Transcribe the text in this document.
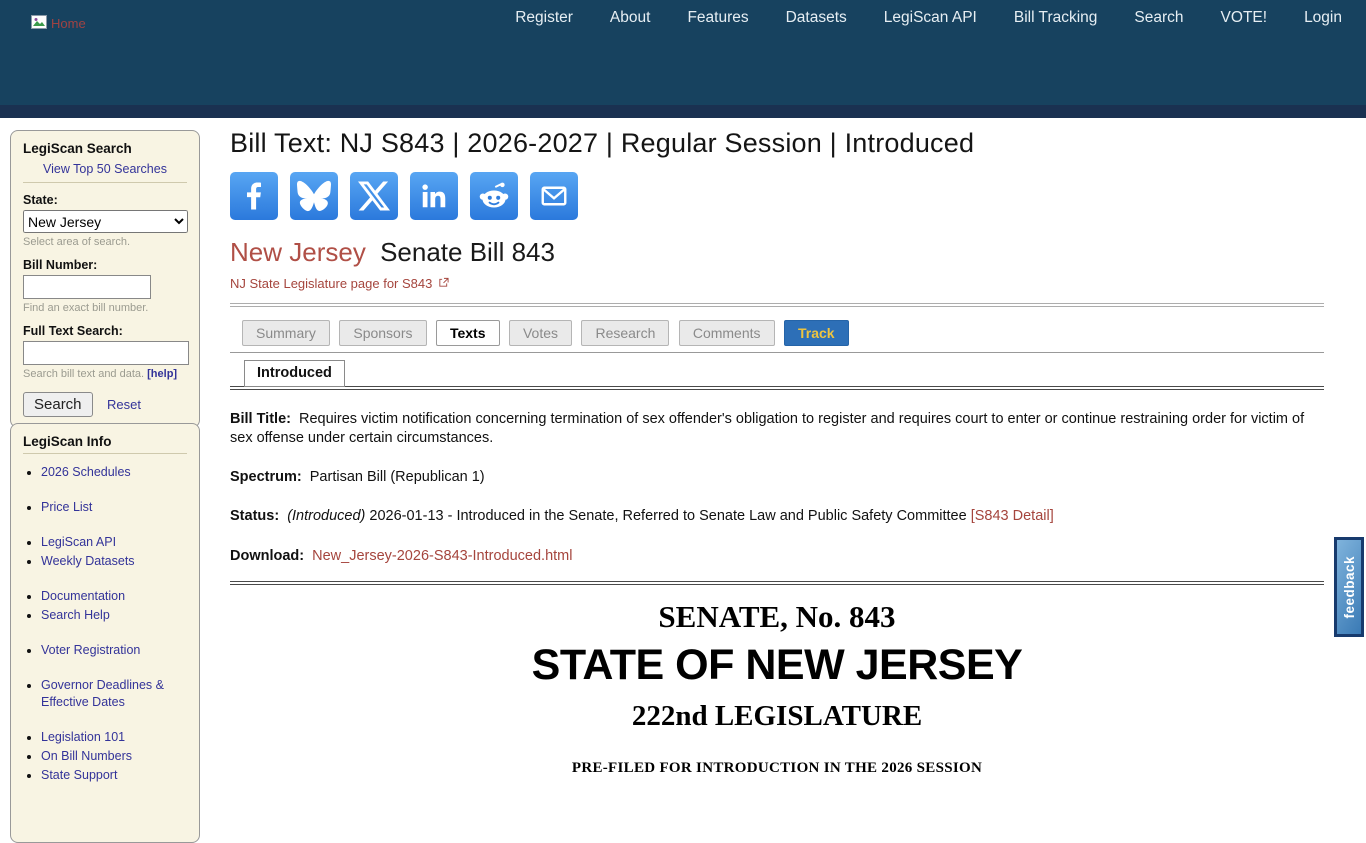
Home	Register About Features Datasets LegiScan API Bill Tracking Search VOTE! Login
LegiScan Search
View Top 50 Searches
State:
New Jersey
Select area of search.
Bill Number:
Find an exact bill number.
Full Text Search:
Search bill text and data. [help]
Search Reset
LegiScan Info
• 2026 Schedules
• Price List
• LegiScan API
• Weekly Datasets
• Documentation
• Search Help
• Voter Registration
• Governor Deadlines & Effective Dates
• Legislation 101
• On Bill Numbers
• State Support
Bill Text: NJ S843 | 2026-2027 | Regular Session | Introduced
New Jersey Senate Bill 843
NJ State Legislature page for S843
Summary	Sponsors	Texts	Votes	Research	Comments	Track
Introduced

Bill Title: Requires victim notification concerning termination of sex offender's obligation to register and requires court to enter or continue restraining order for victim of sex offense under certain circumstances.

Spectrum: Partisan Bill (Republican 1)

Status: (Introduced) 2026-01-13 - Introduced in the Senate, Referred to Senate Law and Public Safety Committee [S843 Detail]

Download: New_Jersey-2026-S843-Introduced.html

SENATE, No. 843
STATE OF NEW JERSEY
222nd LEGISLATURE
PRE-FILED FOR INTRODUCTION IN THE 2026 SESSION
feedback
